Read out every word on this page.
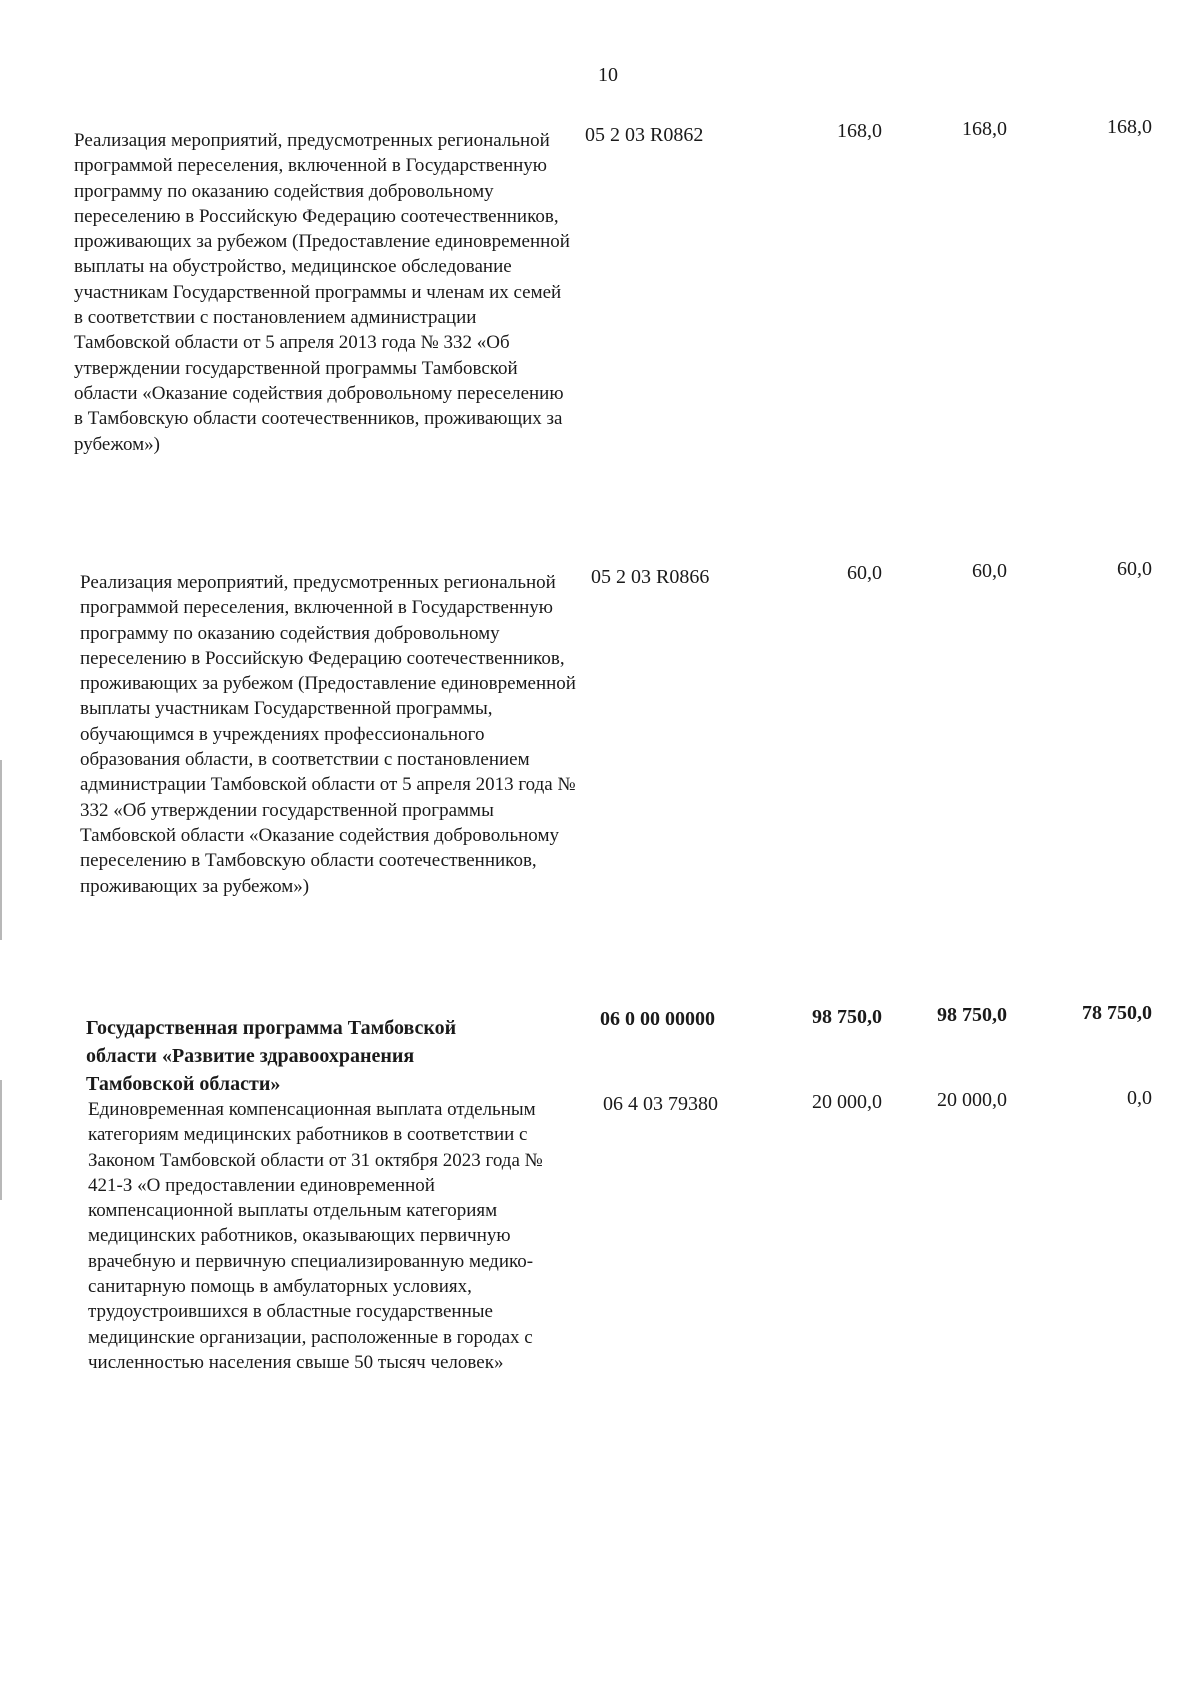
10
Реализация мероприятий, предусмотренных региональной программой переселения, включенной в Государственную программу по оказанию содействия добровольному переселению в Российскую Федерацию соотечественников, проживающих за рубежом (Предоставление единовременной выплаты на обустройство, медицинское обследование участникам Государственной программы и членам их семей в соответствии с постановлением администрации Тамбовской области от 5 апреля 2013 года № 332 «Об утверждении государственной программы Тамбовской области «Оказание содействия добровольному переселению в Тамбовскую области соотечественников, проживающих за рубежом»)
05 2 03 R0862	168,0	168,0	168,0
Реализация мероприятий, предусмотренных региональной программой переселения, включенной в Государственную программу по оказанию содействия добровольному переселению в Российскую Федерацию соотечественников, проживающих за рубежом (Предоставление единовременной выплаты участникам Государственной программы, обучающимся в учреждениях профессионального образования области, в соответствии с постановлением администрации Тамбовской области от 5 апреля 2013 года № 332 «Об утверждении государственной программы Тамбовской области «Оказание содействия добровольному переселению в Тамбовскую области соотечественников, проживающих за рубежом»)
05 2 03 R0866	60,0	60,0	60,0
Государственная программа Тамбовской области «Развитие здравоохранения Тамбовской области»
06 0 00 00000	98 750,0	98 750,0	78 750,0
Единовременная компенсационная выплата отдельным категориям медицинских работников в соответствии с Законом Тамбовской области от 31 октября 2023 года № 421-З «О предоставлении единовременной компенсационной выплаты отдельным категориям медицинских работников, оказывающих первичную врачебную и первичную специализированную медико-санитарную помощь в амбулаторных условиях, трудоустроившихся в областные государственные медицинские организации, расположенные в городах с численностью населения свыше 50 тысяч человек»
06 4 03 79380	20 000,0	20 000,0	0,0
